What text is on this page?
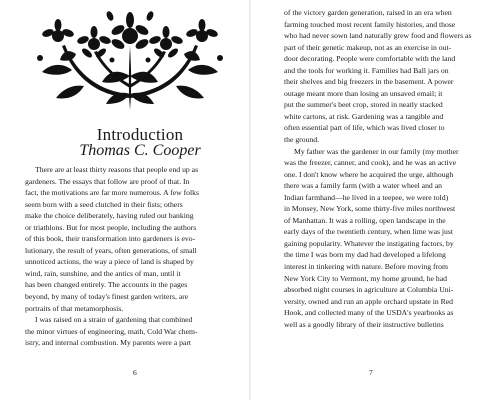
Introduction
Thomas C. Cooper
There are at least thirty reasons that people end up as
gardeners. The essays that follow are proof of that. In
fact, the motivations are far more numerous. A few folks
seem born with a seed clutched in their fists; others
make the choice deliberately, having ruled out banking
or triathlons. But for most people, including the authors
of this book, their transformation into gardeners is evo-
lutionary, the result of years, often generations, of small
unnoticed actions, the way a piece of land is shaped by
wind, rain, sunshine, and the antics of man, until it
has been changed entirely. The accounts in the pages
beyond, by many of today's finest garden writers, are
portraits of that metamorphosis.
I was raised on a strain of gardening that combined
the minor virtues of engineering, math, Cold War chem-
istry, and internal combustion. My parents were a part
6
of the victory garden generation, raised in an era when
farming touched most recent family histories, and those
who had never sown land naturally grew food and flowers as
part of their genetic makeup, not as an exercise in out-
door decorating. People were comfortable with the land
and the tools for working it. Families had Ball jars on
their shelves and big freezers in the basement. A power
outage meant more than losing an unsaved email; it
put the summer's beet crop, stored in neatly stacked
white cartons, at risk. Gardening was a tangible and
often essential part of life, which was lived closer to
the ground.
My father was the gardener in our family (my mother
was the freezer, canner, and cook), and he was an active
one. I don't know where he acquired the urge, although
there was a family farm (with a water wheel and an
Indian farmhand—he lived in a teepee, we were told)
in Monsey, New York, some thirty-five miles northwest
of Manhattan. It was a rolling, open landscape in the
early days of the twentieth century, when lime was just
gaining popularity. Whatever the instigating factors, by
the time I was born my dad had developed a lifelong
interest in tinkering with nature. Before moving from
New York City to Vermont, my home ground, he had
absorbed night courses in agriculture at Columbia Uni-
versity, owned and run an apple orchard upstate in Red
Hook, and collected many of the USDA's yearbooks as
well as a goodly library of their instructive bulletins
7
